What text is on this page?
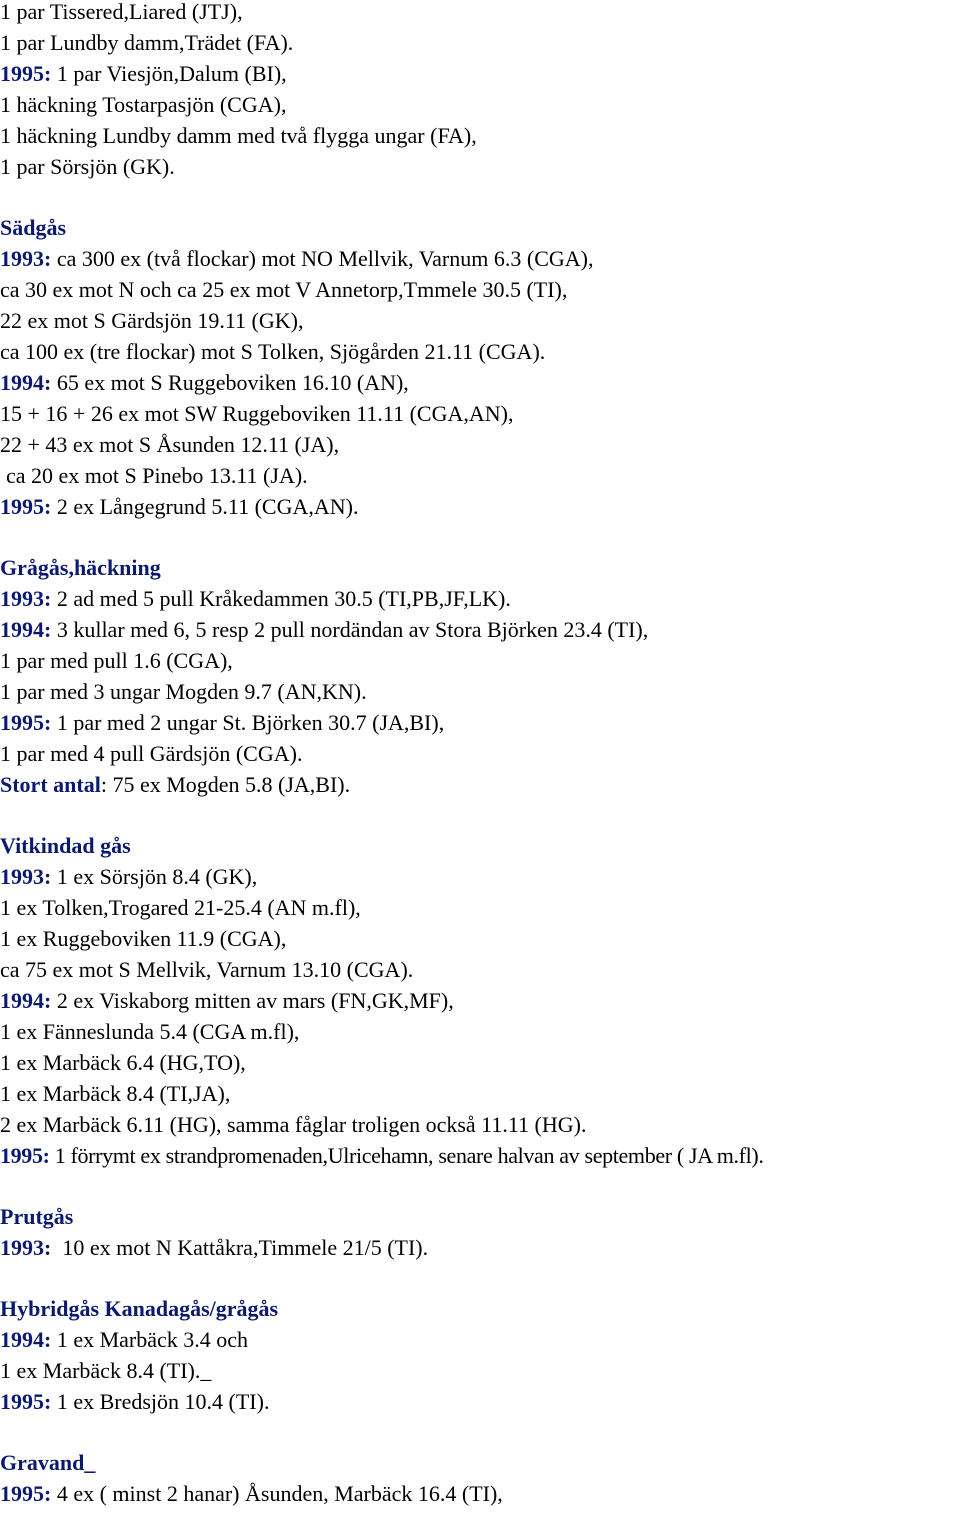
1 par Tissered,Liared (JTJ),
1 par Lundby damm,Trädet (FA).
1995: 1 par Viesjön,Dalum (BI),
1 häckning Tostarpasjön (CGA),
1 häckning Lundby damm med två flygga ungar (FA),
1 par Sörsjön (GK).
Sädgås
1993: ca 300 ex (två flockar) mot NO Mellvik, Varnum 6.3 (CGA),
ca 30 ex mot N och ca 25 ex mot V Annetorp,Tmmele 30.5 (TI),
22 ex mot S Gärdsjön 19.11 (GK),
ca 100 ex (tre flockar) mot S Tolken, Sjögården 21.11 (CGA).
1994: 65 ex mot S Ruggeboviken 16.10 (AN),
15 + 16 + 26 ex mot SW Ruggeboviken 11.11 (CGA,AN),
22 + 43 ex mot S Åsunden 12.11 (JA),
ca 20 ex mot S Pinebo 13.11 (JA).
1995: 2 ex Långegrund 5.11 (CGA,AN).
Grågås,häckning
1993: 2 ad med 5 pull Kråkedammen 30.5 (TI,PB,JF,LK).
1994: 3 kullar med 6, 5 resp 2 pull nordändan av Stora Björken 23.4 (TI),
1 par med pull 1.6 (CGA),
1 par med 3 ungar Mogden 9.7 (AN,KN).
1995: 1 par med 2 ungar St. Björken 30.7 (JA,BI),
1 par med 4 pull Gärdsjön (CGA).
Stort antal: 75 ex Mogden 5.8 (JA,BI).
Vitkindad gås
1993: 1 ex Sörsjön 8.4 (GK),
1 ex Tolken,Trogared 21-25.4 (AN m.fl),
1 ex Ruggeboviken 11.9 (CGA),
ca 75 ex mot S Mellvik, Varnum 13.10 (CGA).
1994: 2 ex Viskaborg mitten av mars (FN,GK,MF),
1 ex Fänneslunda 5.4 (CGA m.fl),
1 ex Marbäck 6.4 (HG,TO),
1 ex Marbäck 8.4 (TI,JA),
2 ex Marbäck 6.11 (HG), samma fåglar troligen också 11.11 (HG).
1995: 1 förrymt ex strandpromenaden,Ulricehamn, senare halvan av september ( JA m.fl).
Prutgås
1993:  10 ex mot N Kattåkra,Timmele 21/5 (TI).
Hybridgås Kanadagås/grågås
1994: 1 ex Marbäck 3.4 och
1 ex Marbäck 8.4 (TI)._
1995: 1 ex Bredsjön 10.4 (TI).
Gravand_
1995: 4 ex ( minst 2 hanar) Åsunden, Marbäck 16.4 (TI),
